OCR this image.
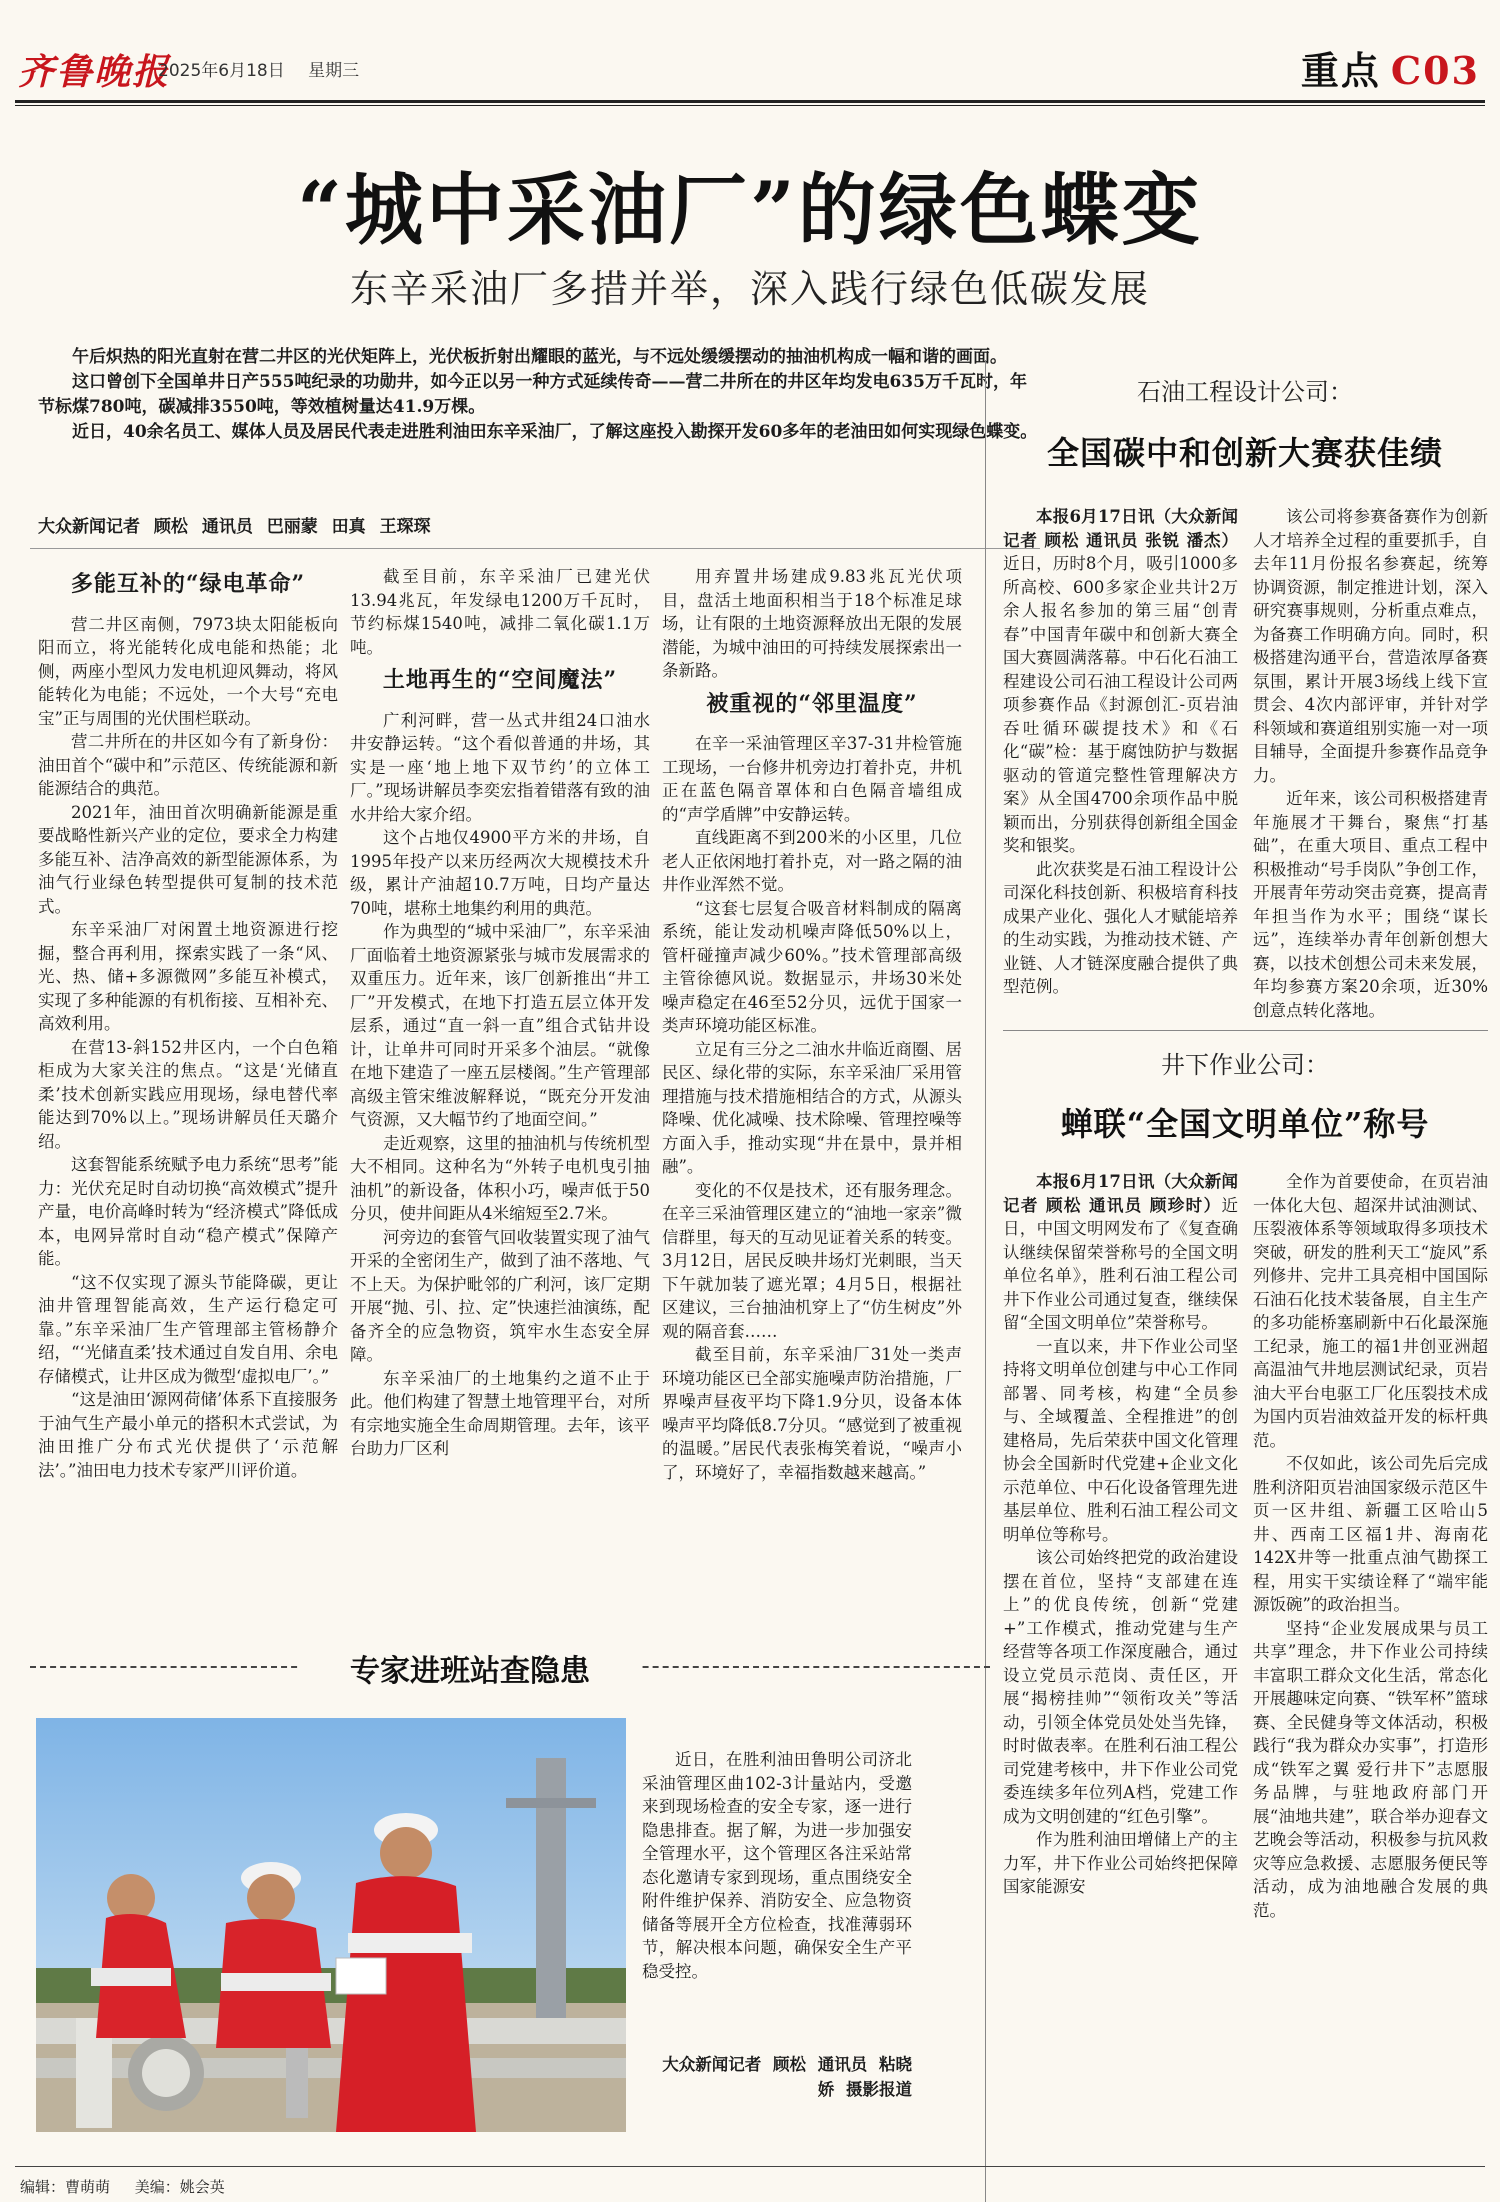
齐鲁晚报
2025年6月18日 星期三	重点 C03
“城中采油厂”的绿色蝶变
东辛采油厂多措并举，深入践行绿色低碳发展

午后炽热的阳光直射在营二井区的光伏矩阵上，光伏板折射出耀眼的蓝光，与不远处缓缓摆动的抽油机构成一幅和谐的画面。

这口曾创下全国单井日产555吨纪录的功勋井，如今正以另一种方式延续传奇——营二井所在的井区年均发电635万千瓦时，年节标煤780吨，碳减排3550吨，等效植树量达41.9万棵。

近日，40余名员工、媒体人员及居民代表走进胜利油田东辛采油厂，了解这座投入勘探开发60多年的老油田如何实现绿色蝶变。

大众新闻记者 顾松 通讯员 巴丽蒙 田真 王琛琛
多能互补的“绿电革命”

营二井区南侧，7973块太阳能板向阳而立，将光能转化成电能和热能；北侧，两座小型风力发电机迎风舞动，将风能转化为电能；不远处，一个大号“充电宝”正与周围的光伏围栏联动。

营二井所在的井区如今有了新身份：油田首个“碳中和”示范区、传统能源和新能源结合的典范。

2021年，油田首次明确新能源是重要战略性新兴产业的定位，要求全力构建多能互补、洁净高效的新型能源体系，为油气行业绿色转型提供可复制的技术范式。

东辛采油厂对闲置土地资源进行挖掘，整合再利用，探索实践了一条“风、光、热、储+多源微网”多能互补模式，实现了多种能源的有机衔接、互相补充、高效利用。

在营13-斜152井区内，一个白色箱柜成为大家关注的焦点。“这是‘光储直柔’技术创新实践应用现场，绿电替代率能达到70%以上。”现场讲解员任天璐介绍。

这套智能系统赋予电力系统“思考”能力：光伏充足时自动切换“高效模式”提升产量，电价高峰时转为“经济模式”降低成本，电网异常时自动“稳产模式”保障产能。

“这不仅实现了源头节能降碳，更让油井管理智能高效，生产运行稳定可靠。”东辛采油厂生产管理部主管杨静介绍，“‘光储直柔’技术通过自发自用、余电存储模式，让井区成为微型‘虚拟电厂’。”

“这是油田‘源网荷储’体系下直接服务于油气生产最小单元的搭积木式尝试，为油田推广分布式光伏提供了‘示范解法’。”油田电力技术专家严川评价道。

截至目前，东辛采油厂已建光伏13.94兆瓦，年发绿电1200万千瓦时，节约标煤1540吨，减排二氧化碳1.1万吨。

土地再生的“空间魔法”

广利河畔，营一丛式井组24口油水井安静运转。“这个看似普通的井场，其实是一座‘地上地下双节约’的立体工厂。”现场讲解员李奕宏指着错落有致的油水井给大家介绍。

这个占地仅4900平方米的井场，自1995年投产以来历经两次大规模技术升级，累计产油超10.7万吨，日均产量达70吨，堪称土地集约利用的典范。

作为典型的“城中采油厂”，东辛采油厂面临着土地资源紧张与城市发展需求的双重压力。近年来，该厂创新推出“井工厂”开发模式，在地下打造五层立体开发层系，通过“直一斜一直”组合式钻井设计，让单井可同时开采多个油层。“就像在地下建造了一座五层楼阁。”生产管理部高级主管宋维波解释说，“既充分开发油气资源，又大幅节约了地面空间。”

走近观察，这里的抽油机与传统机型大不相同。这种名为“外转子电机曳引抽油机”的新设备，体积小巧，噪声低于50分贝，使井间距从4米缩短至2.7米。

河旁边的套管气回收装置实现了油气开采的全密闭生产，做到了油不落地、气不上天。为保护毗邻的广利河，该厂定期开展“抛、引、拉、定”快速拦油演练，配备齐全的应急物资，筑牢水生态安全屏障。

东辛采油厂的土地集约之道不止于此。他们构建了智慧土地管理平台，对所有宗地实施全生命周期管理。去年，该平台助力厂区利

用弃置井场建成9.83兆瓦光伏项目，盘活土地面积相当于18个标准足球场，让有限的土地资源释放出无限的发展潜能，为城中油田的可持续发展探索出一条新路。

被重视的“邻里温度”

在辛一采油管理区辛37-31井检管施工现场，一台修井机旁边打着扑克，井机正在蓝色隔音罩体和白色隔音墙组成的“声学盾牌”中安静运转。

直线距离不到200米的小区里，几位老人正依闲地打着扑克，对一路之隔的油井作业浑然不觉。

“这套七层复合吸音材料制成的隔离系统，能让发动机噪声降低50%以上，管杆碰撞声减少60%。”技术管理部高级主管徐德风说。数据显示，井场30米处噪声稳定在46至52分贝，远优于国家一类声环境功能区标准。

立足有三分之二油水井临近商圈、居民区、绿化带的实际，东辛采油厂采用管理措施与技术措施相结合的方式，从源头降噪、优化减噪、技术除噪、管理控噪等方面入手，推动实现“井在景中，景并相融”。

变化的不仅是技术，还有服务理念。在辛三采油管理区建立的“油地一家亲”微信群里，每天的互动见证着关系的转变。3月12日，居民反映井场灯光刺眼，当天下午就加装了遮光罩；4月5日，根据社区建议，三台抽油机穿上了“仿生树皮”外观的隔音套……

截至目前，东辛采油厂31处一类声环境功能区已全部实施噪声防治措施，厂界噪声昼夜平均下降1.9分贝，设备本体噪声平均降低8.7分贝。“感觉到了被重视的温暖。”居民代表张梅笑着说，“噪声小了，环境好了，幸福指数越来越高。”

石油工程设计公司：
全国碳中和创新大赛获佳绩

本报6月17日讯（大众新闻记者 顾松 通讯员 张锐 潘杰）近日，历时8个月，吸引1000多所高校、600多家企业共计2万余人报名参加的第三届“创青春”中国青年碳中和创新大赛全国大赛圆满落幕。中石化石油工程建设公司石油工程设计公司两项参赛作品《封源创汇-页岩油吞吐循环碳提技术》和《石化“碳”检：基于腐蚀防护与数据驱动的管道完整性管理解决方案》从全国4700余项作品中脱颖而出，分别获得创新组全国金奖和银奖。

此次获奖是石油工程设计公司深化科技创新、积极培育科技成果产业化、强化人才赋能培养的生动实践，为推动技术链、产业链、人才链深度融合提供了典型范例。

该公司将参赛备赛作为创新人才培养全过程的重要抓手，自去年11月份报名参赛起，统筹协调资源，制定推进计划，深入研究赛事规则，分析重点难点，为备赛工作明确方向。同时，积极搭建沟通平台，营造浓厚备赛氛围，累计开展3场线上线下宣贯会、4次内部评审，并针对学科领域和赛道组别实施一对一项目辅导，全面提升参赛作品竞争力。

近年来，该公司积极搭建青年施展才干舞台，聚焦“打基础”，在重大项目、重点工程中积极推动“号手岗队”争创工作，开展青年劳动突击竞赛，提高青年担当作为水平；围绕“谋长远”，连续举办青年创新创想大赛，以技术创想公司未来发展，年均参赛方案20余项，近30%创意点转化落地。

井下作业公司：
蝉联“全国文明单位”称号

本报6月17日讯（大众新闻记者 顾松 通讯员 顾珍时）近日，中国文明网发布了《复查确认继续保留荣誉称号的全国文明单位名单》，胜利石油工程公司井下作业公司通过复查，继续保留“全国文明单位”荣誉称号。

一直以来，井下作业公司坚持将文明单位创建与中心工作同部署、同考核，构建“全员参与、全域覆盖、全程推进”的创建格局，先后荣获中国文化管理协会全国新时代党建+企业文化示范单位、中石化设备管理先进基层单位、胜利石油工程公司文明单位等称号。

该公司始终把党的政治建设摆在首位，坚持“支部建在连上”的优良传统，创新“党建+”工作模式，推动党建与生产经营等各项工作深度融合，通过设立党员示范岗、责任区，开展“揭榜挂帅”“领衔攻关”等活动，引领全体党员处处当先锋，时时做表率。在胜利石油工程公司党建考核中，井下作业公司党委连续多年位列A档，党建工作成为文明创建的“红色引擎”。

作为胜利油田增储上产的主力军，井下作业公司始终把保障国家能源安

全作为首要使命，在页岩油一体化大包、超深井试油测试、压裂液体系等领域取得多项技术突破，研发的胜利天工“旋风”系列修井、完井工具亮相中国国际石油石化技术装备展，自主生产的多功能桥塞刷新中石化最深施工纪录，施工的福1井创亚洲超高温油气井地层测试纪录，页岩油大平台电驱工厂化压裂技术成为国内页岩油效益开发的标杆典范。

不仅如此，该公司先后完成胜利济阳页岩油国家级示范区牛页一区井组、新疆工区哈山5井、西南工区福1井、海南花142X井等一批重点油气勘探工程，用实干实绩诠释了“端牢能源饭碗”的政治担当。

坚持“企业发展成果与员工共享”理念，井下作业公司持续丰富职工群众文化生活，常态化开展趣味定向赛、“铁军杯”篮球赛、全民健身等文体活动，积极践行“我为群众办实事”，打造形成“铁军之翼 爱行井下”志愿服务品牌，与驻地政府部门开展“油地共建”，联合举办迎春文艺晚会等活动，积极参与抗风救灾等应急救援、志愿服务便民等活动，成为油地融合发展的典范。

专家进班站查隐患

近日，在胜利油田鲁明公司济北采油管理区曲102-3计量站内，受邀来到现场检查的安全专家，逐一进行隐患排查。据了解，为进一步加强安全管理水平，这个管理区各注采站常态化邀请专家到现场，重点围绕安全附件维护保养、消防安全、应急物资储备等展开全方位检查，找准薄弱环节，解决根本问题，确保安全生产平稳受控。

大众新闻记者 顾松 通讯员 粘晓娇 摄影报道
编辑：曹萌萌 美编：姚会英
